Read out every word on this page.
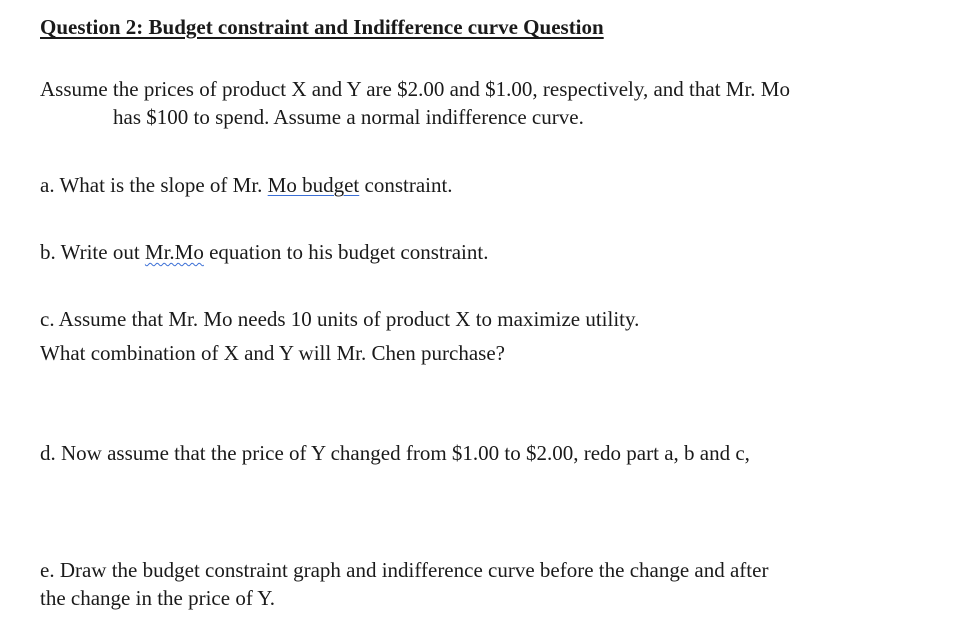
Question 2: Budget constraint and Indifference curve Question
Assume the prices of product X and Y are $2.00 and $1.00, respectively, and that Mr. Mo
has $100 to spend. Assume a normal indifference curve.
a. What is the slope of Mr. Mo budget constraint.
b. Write out Mr.Mo equation to his budget constraint.
c. Assume that Mr. Mo needs 10 units of product X to maximize utility.
What combination of X and Y will Mr. Chen purchase?
d. Now assume that the price of Y changed from $1.00 to $2.00, redo part a, b and c,
e. Draw the budget constraint graph and indifference curve before the change and after
the change in the price of Y.
